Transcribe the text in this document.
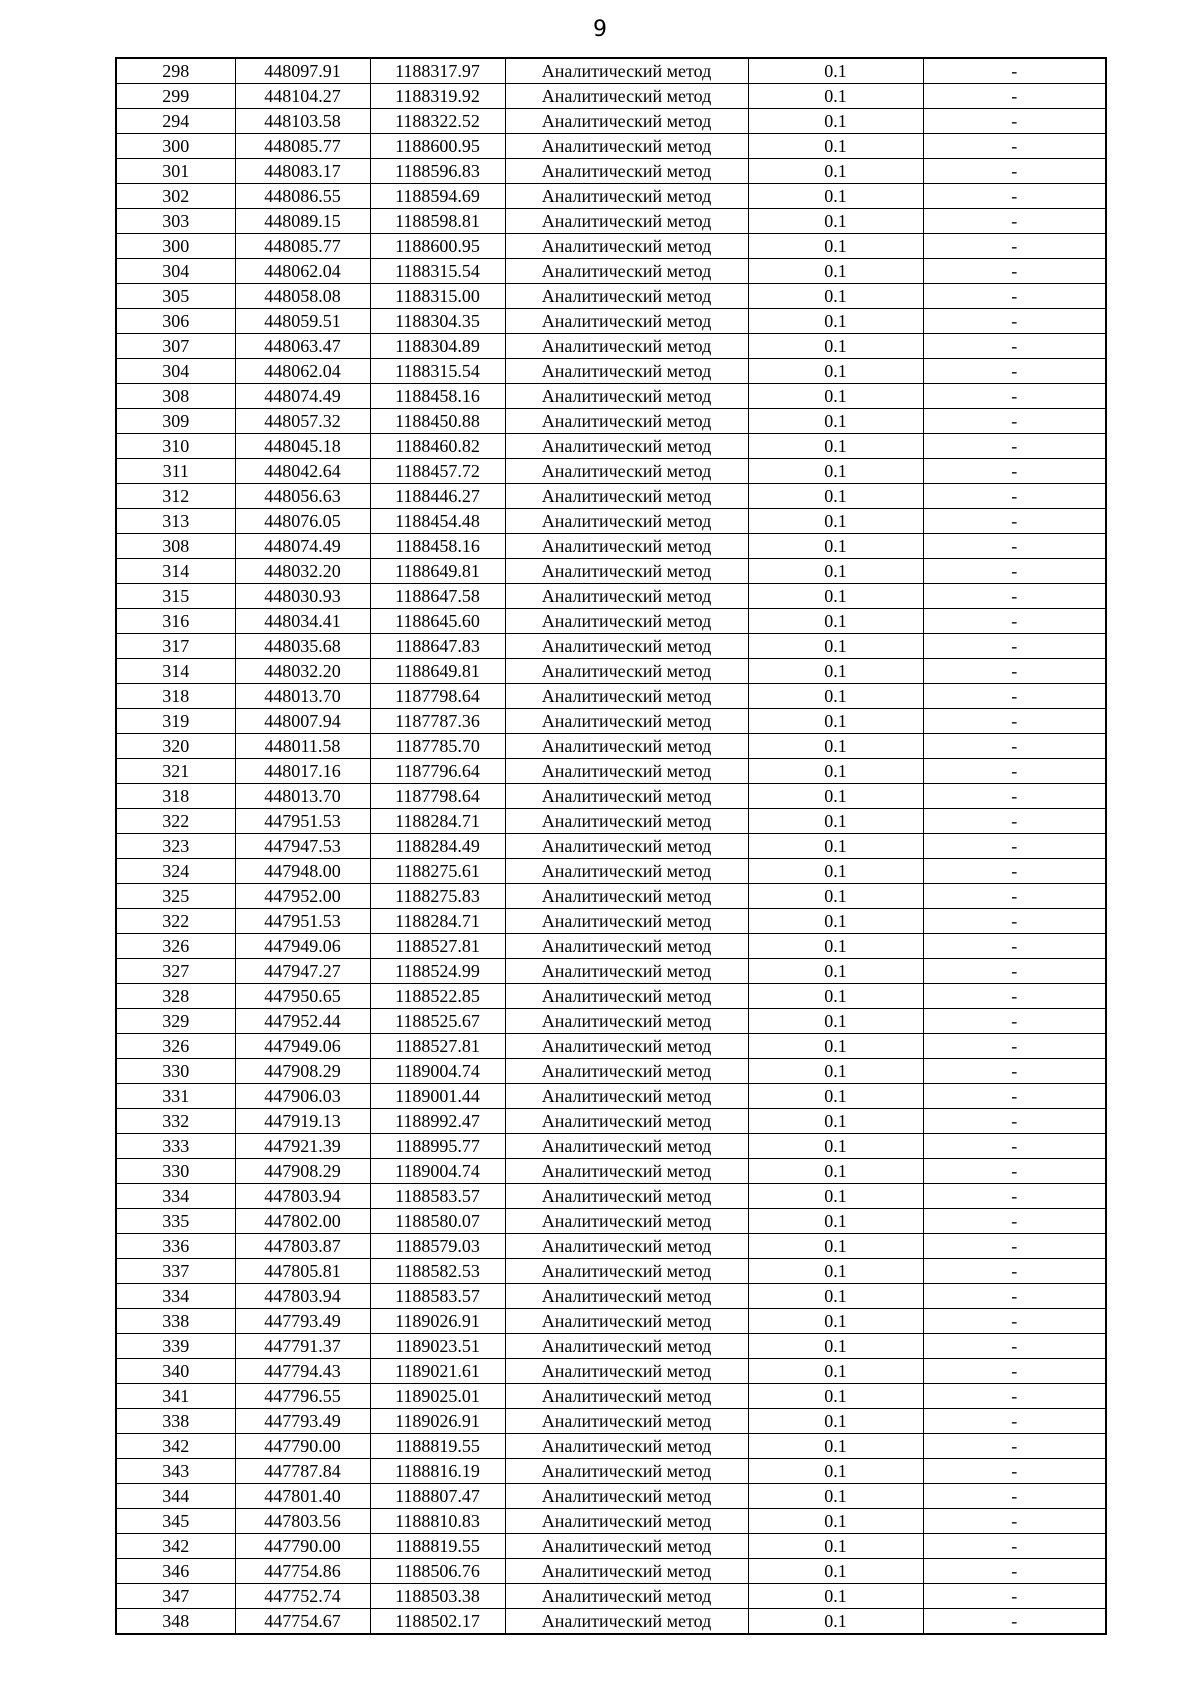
9
298	448097.91	1188317.97	Аналитический метод	0.1	-
299	448104.27	1188319.92	Аналитический метод	0.1	-
294	448103.58	1188322.52	Аналитический метод	0.1	-
300	448085.77	1188600.95	Аналитический метод	0.1	-
301	448083.17	1188596.83	Аналитический метод	0.1	-
302	448086.55	1188594.69	Аналитический метод	0.1	-
303	448089.15	1188598.81	Аналитический метод	0.1	-
300	448085.77	1188600.95	Аналитический метод	0.1	-
304	448062.04	1188315.54	Аналитический метод	0.1	-
305	448058.08	1188315.00	Аналитический метод	0.1	-
306	448059.51	1188304.35	Аналитический метод	0.1	-
307	448063.47	1188304.89	Аналитический метод	0.1	-
304	448062.04	1188315.54	Аналитический метод	0.1	-
308	448074.49	1188458.16	Аналитический метод	0.1	-
309	448057.32	1188450.88	Аналитический метод	0.1	-
310	448045.18	1188460.82	Аналитический метод	0.1	-
311	448042.64	1188457.72	Аналитический метод	0.1	-
312	448056.63	1188446.27	Аналитический метод	0.1	-
313	448076.05	1188454.48	Аналитический метод	0.1	-
308	448074.49	1188458.16	Аналитический метод	0.1	-
314	448032.20	1188649.81	Аналитический метод	0.1	-
315	448030.93	1188647.58	Аналитический метод	0.1	-
316	448034.41	1188645.60	Аналитический метод	0.1	-
317	448035.68	1188647.83	Аналитический метод	0.1	-
314	448032.20	1188649.81	Аналитический метод	0.1	-
318	448013.70	1187798.64	Аналитический метод	0.1	-
319	448007.94	1187787.36	Аналитический метод	0.1	-
320	448011.58	1187785.70	Аналитический метод	0.1	-
321	448017.16	1187796.64	Аналитический метод	0.1	-
318	448013.70	1187798.64	Аналитический метод	0.1	-
322	447951.53	1188284.71	Аналитический метод	0.1	-
323	447947.53	1188284.49	Аналитический метод	0.1	-
324	447948.00	1188275.61	Аналитический метод	0.1	-
325	447952.00	1188275.83	Аналитический метод	0.1	-
322	447951.53	1188284.71	Аналитический метод	0.1	-
326	447949.06	1188527.81	Аналитический метод	0.1	-
327	447947.27	1188524.99	Аналитический метод	0.1	-
328	447950.65	1188522.85	Аналитический метод	0.1	-
329	447952.44	1188525.67	Аналитический метод	0.1	-
326	447949.06	1188527.81	Аналитический метод	0.1	-
330	447908.29	1189004.74	Аналитический метод	0.1	-
331	447906.03	1189001.44	Аналитический метод	0.1	-
332	447919.13	1188992.47	Аналитический метод	0.1	-
333	447921.39	1188995.77	Аналитический метод	0.1	-
330	447908.29	1189004.74	Аналитический метод	0.1	-
334	447803.94	1188583.57	Аналитический метод	0.1	-
335	447802.00	1188580.07	Аналитический метод	0.1	-
336	447803.87	1188579.03	Аналитический метод	0.1	-
337	447805.81	1188582.53	Аналитический метод	0.1	-
334	447803.94	1188583.57	Аналитический метод	0.1	-
338	447793.49	1189026.91	Аналитический метод	0.1	-
339	447791.37	1189023.51	Аналитический метод	0.1	-
340	447794.43	1189021.61	Аналитический метод	0.1	-
341	447796.55	1189025.01	Аналитический метод	0.1	-
338	447793.49	1189026.91	Аналитический метод	0.1	-
342	447790.00	1188819.55	Аналитический метод	0.1	-
343	447787.84	1188816.19	Аналитический метод	0.1	-
344	447801.40	1188807.47	Аналитический метод	0.1	-
345	447803.56	1188810.83	Аналитический метод	0.1	-
342	447790.00	1188819.55	Аналитический метод	0.1	-
346	447754.86	1188506.76	Аналитический метод	0.1	-
347	447752.74	1188503.38	Аналитический метод	0.1	-
348	447754.67	1188502.17	Аналитический метод	0.1	-
